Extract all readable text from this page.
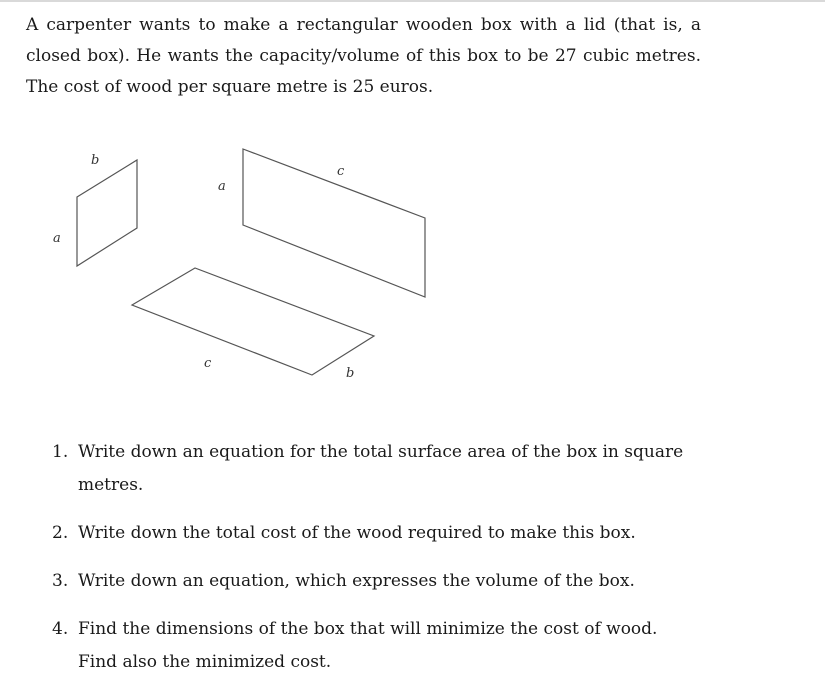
A carpenter wants to make a rectangular wooden box with a lid (that is, a closed box). He wants the capacity/volume of this box to be 27 cubic metres. The cost of wood per square metre is 25 euros.

b
a
a
c
c
b
1. Write down an equation for the total surface area of the box in square metres.
2. Write down the total cost of the wood required to make this box.
3. Write down an equation, which expresses the volume of the box.
4. Find the dimensions of the box that will minimize the cost of wood. Find also the minimized cost.
